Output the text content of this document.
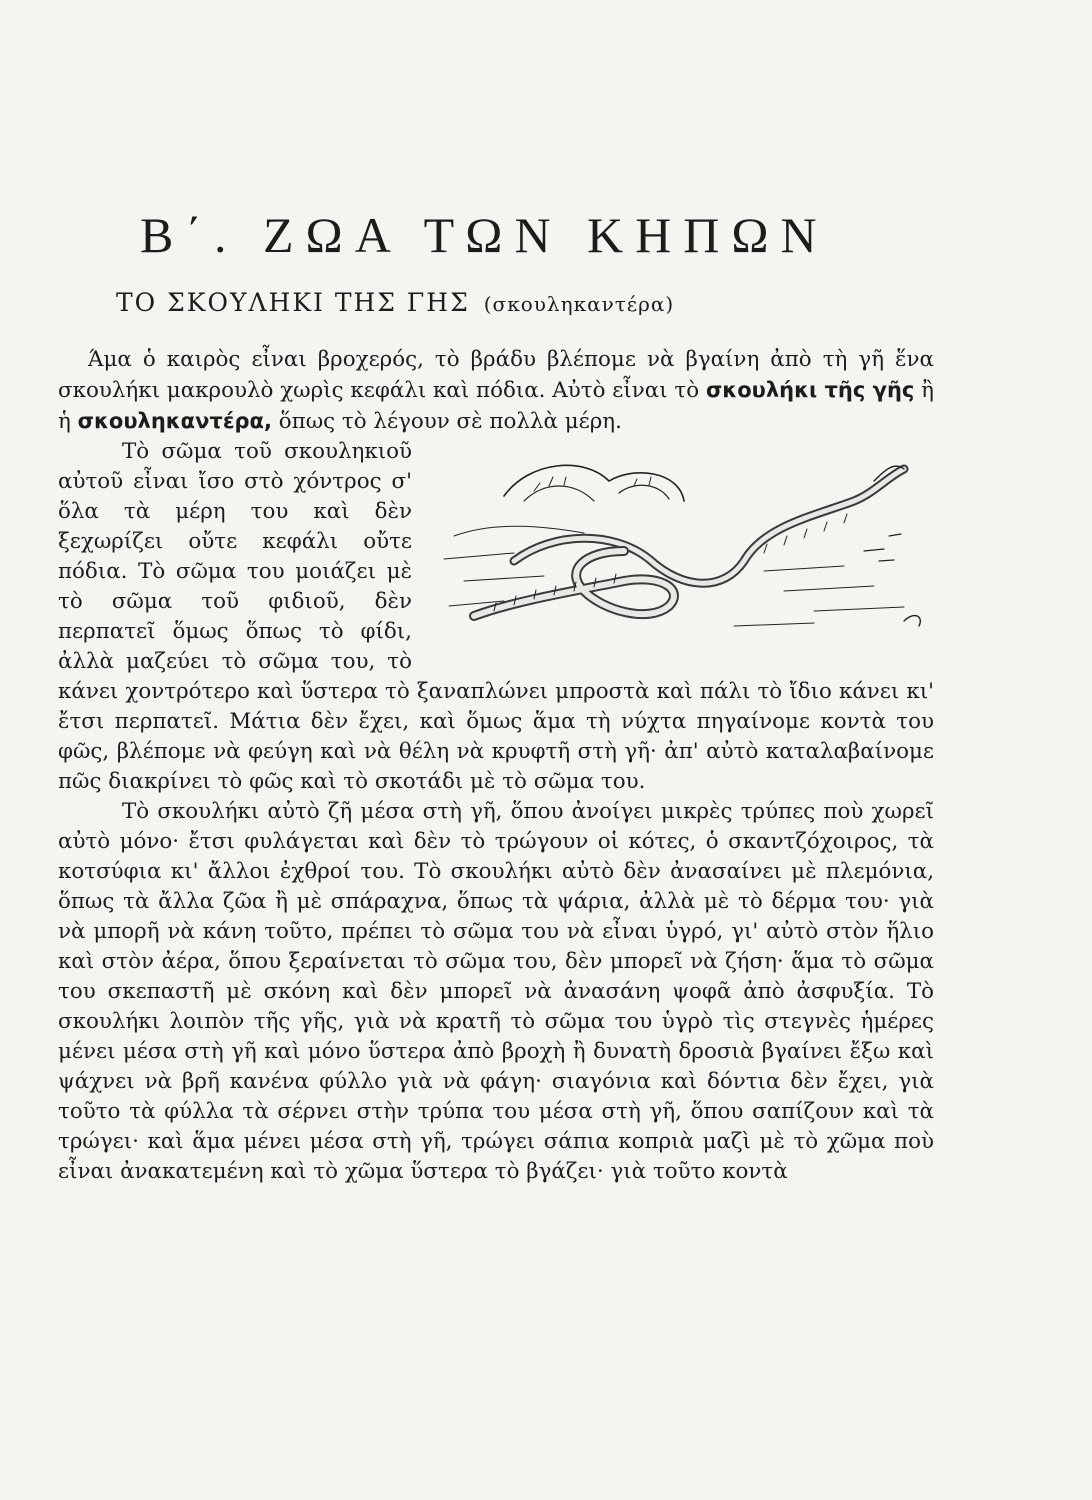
Β΄. ΖΩΑ ΤΩΝ ΚΗΠΩΝ
ΤΟ ΣΚΟΥΛΗΚΙ ΤΗΣ ΓΗΣ (σκουληκαντέρα)

Άμα ὁ καιρὸς εἶναι βροχερός, τὸ βράδυ βλέπομε νὰ βγαίνη ἀπὸ τὴ γῆ ἕνα σκουλήκι μακρουλὸ χωρὶς κεφάλι καὶ πόδια. Αὐτὸ εἶναι τὸ σκουλήκι τῆς γῆς ἢ ἡ σκουληκαντέρα, ὅπως τὸ λέγουν σὲ πολλὰ μέρη.

Τὸ σῶμα τοῦ σκουληκιοῦ αὐτοῦ εἶναι ἴσο στὸ χόντρος σ' ὅλα τὰ μέρη του καὶ δὲν ξεχωρίζει οὔτε κεφάλι οὔτε πόδια. Τὸ σῶμα του μοιάζει μὲ τὸ σῶμα τοῦ φιδιοῦ, δὲν περπατεῖ ὅμως ὅπως τὸ φίδι, ἀλλὰ μαζεύει τὸ σῶμα του, τὸ κάνει χοντρότερο καὶ ὕστερα τὸ ξαναπλώνει μπροστὰ καὶ πάλι τὸ ἴδιο κάνει κι' ἔτσι περπατεῖ. Μάτια δὲν ἔχει, καὶ ὅμως ἅμα τὴ νύχτα πηγαίνομε κοντὰ του φῶς, βλέπομε νὰ φεύγη καὶ νὰ θέλη νὰ κρυφτῆ στὴ γῆ· ἀπ' αὐτὸ καταλαβαίνομε πῶς διακρίνει τὸ φῶς καὶ τὸ σκοτάδι μὲ τὸ σῶμα του.

Τὸ σκουλήκι αὐτὸ ζῆ μέσα στὴ γῆ, ὅπου ἀνοίγει μικρὲς τρύπες ποὺ χωρεῖ αὐτὸ μόνο· ἔτσι φυλάγεται καὶ δὲν τὸ τρώγουν οἱ κότες, ὁ σκαντζόχοιρος, τὰ κοτσύφια κι' ἄλλοι ἐχθροί του. Τὸ σκουλήκι αὐτὸ δὲν ἀνασαίνει μὲ πλεμόνια, ὅπως τὰ ἄλλα ζῶα ἢ μὲ σπάραχνα, ὅπως τὰ ψάρια, ἀλλὰ μὲ τὸ δέρμα του· γιὰ νὰ μπορῆ νὰ κάνη τοῦτο, πρέπει τὸ σῶμα του νὰ εἶναι ὑγρό, γι' αὐτὸ στὸν ἥλιο καὶ στὸν ἀέρα, ὅπου ξεραίνεται τὸ σῶμα του, δὲν μπορεῖ νὰ ζήση· ἅμα τὸ σῶμα του σκεπαστῆ μὲ σκόνη καὶ δὲν μπορεῖ νὰ ἀνασάνη ψοφᾶ ἀπὸ ἀσφυξία. Τὸ σκουλήκι λοιπὸν τῆς γῆς, γιὰ νὰ κρατῆ τὸ σῶμα του ὑγρὸ τὶς στεγνὲς ἡμέρες μένει μέσα στὴ γῆ καὶ μόνο ὕστερα ἀπὸ βροχὴ ἢ δυνατὴ δροσιὰ βγαίνει ἔξω καὶ ψάχνει νὰ βρῆ κανένα φύλλο γιὰ νὰ φάγη· σιαγόνια καὶ δόντια δὲν ἔχει, γιὰ τοῦτο τὰ φύλλα τὰ σέρνει στὴν τρύπα του μέσα στὴ γῆ, ὅπου σαπίζουν καὶ τὰ τρώγει· καὶ ἅμα μένει μέσα στὴ γῆ, τρώγει σάπια κοπριὰ μαζὶ μὲ τὸ χῶμα ποὺ εἶναι ἀνακατεμένη καὶ τὸ χῶμα ὕστερα τὸ βγάζει· γιὰ τοῦτο κοντὰ
